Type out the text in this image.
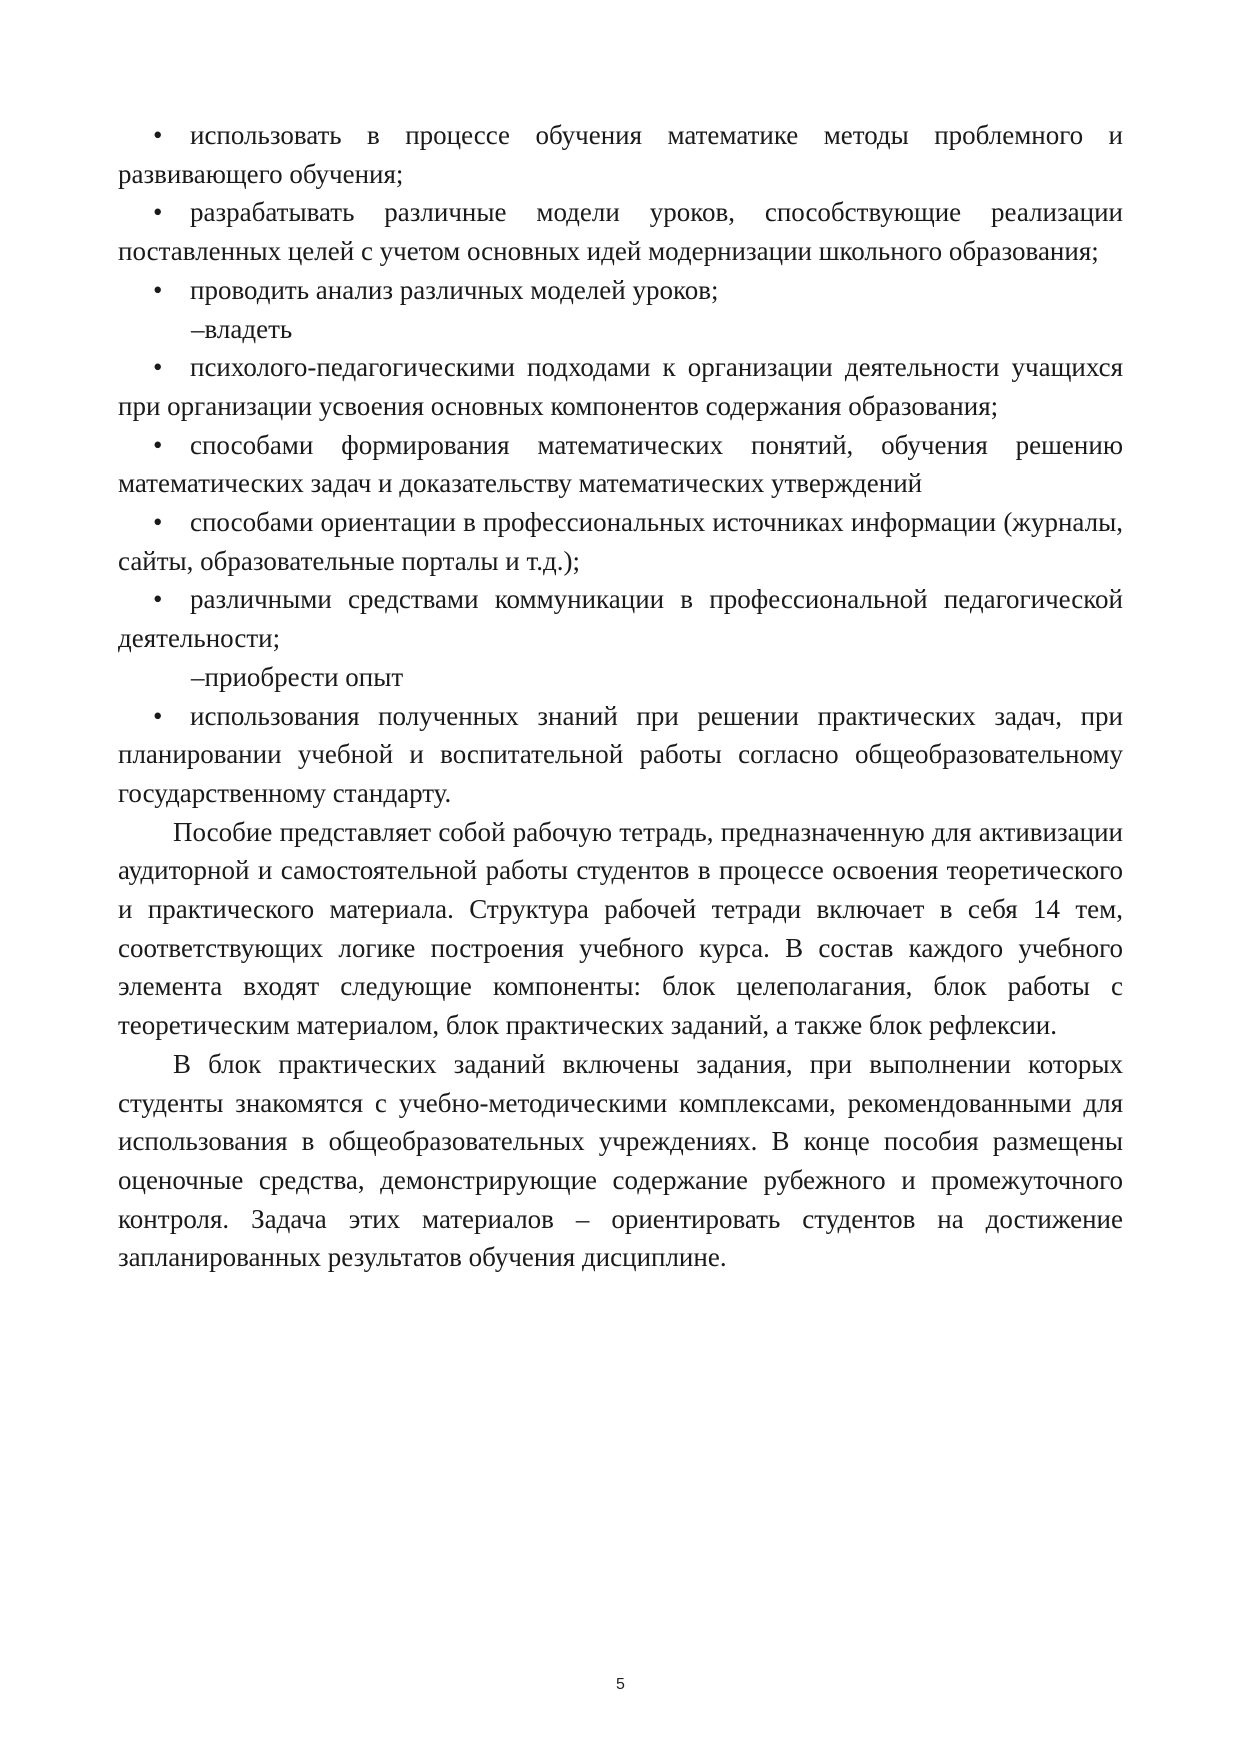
• использовать в процессе обучения математике методы проблемного и развивающего обучения;

• разрабатывать различные модели уроков, способствующие реализации поставленных целей с учетом основных идей модернизации школьного образования;

• проводить анализ различных моделей уроков;

–владеть

• психолого-педагогическими подходами к организации деятельности учащихся при организации усвоения основных компонентов содержания образования;

• способами формирования математических понятий, обучения решению математических задач и доказательству математических утверждений

• способами ориентации в профессиональных источниках информации (журналы, сайты, образовательные порталы и т.д.);

• различными средствами коммуникации в профессиональной педагогической деятельности;

–приобрести опыт

• использования полученных знаний при решении практических задач, при планировании учебной и воспитательной работы согласно общеобразовательному государственному стандарту.

Пособие представляет собой рабочую тетрадь, предназначенную для активизации аудиторной и самостоятельной работы студентов в процессе освоения теоретического и практического материала. Структура рабочей тетради включает в себя 14 тем, соответствующих логике построения учебного курса. В состав каждого учебного элемента входят следующие компоненты: блок целеполагания, блок работы с теоретическим материалом, блок практических заданий, а также блок рефлексии.

В блок практических заданий включены задания, при выполнении которых студенты знакомятся с учебно-методическими комплексами, рекомендованными для использования в общеобразовательных учреждениях. В конце пособия размещены оценочные средства, демонстрирующие содержание рубежного и промежуточного контроля. Задача этих материалов – ориентировать студентов на достижение запланированных результатов обучения дисциплине.

5
